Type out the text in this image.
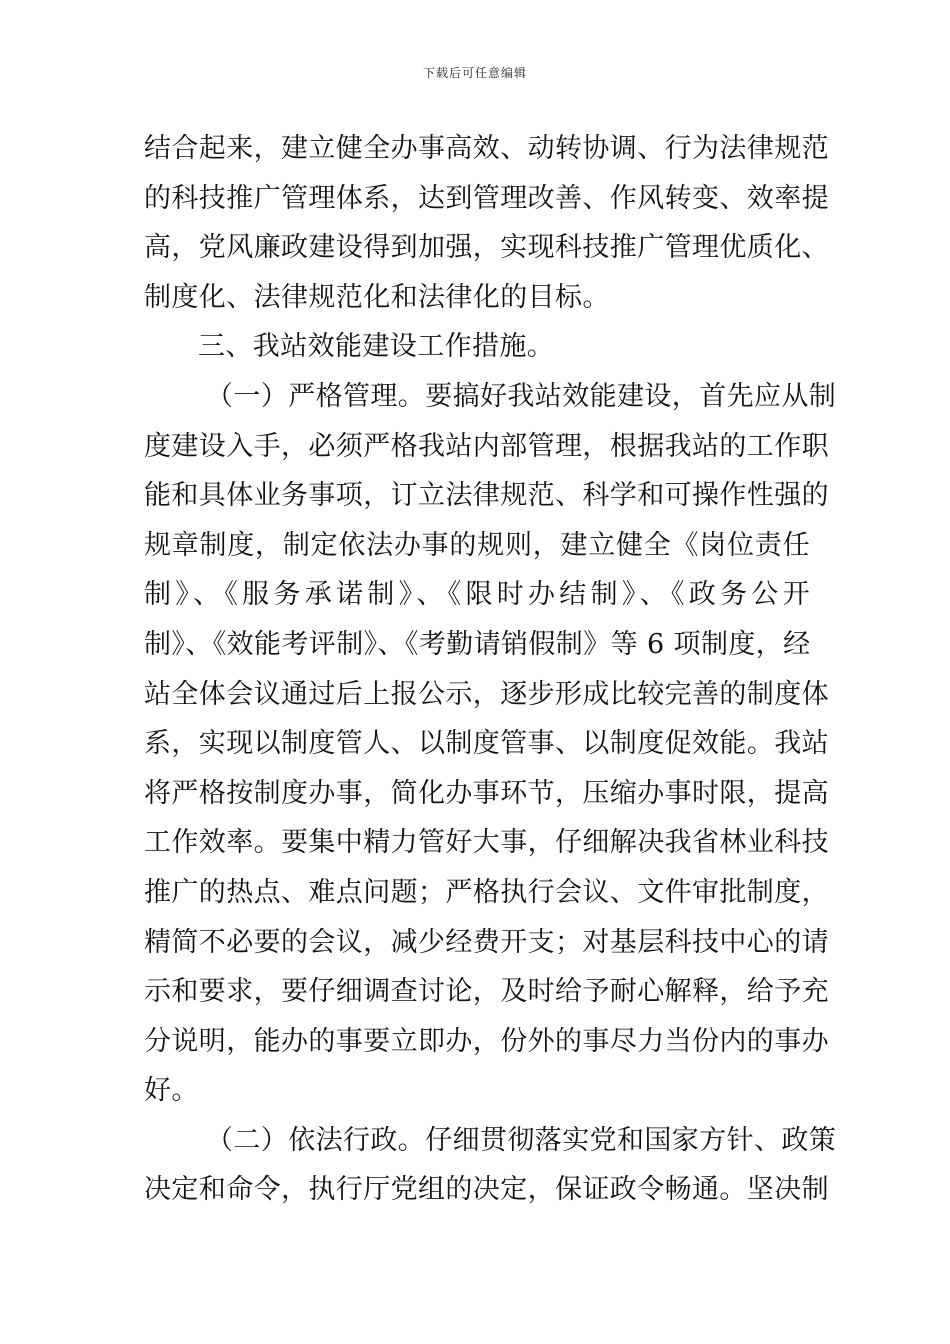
下载后可任意编辑
结合起来，建立健全办事高效、动转协调、行为法律规范
的科技推广管理体系，达到管理改善、作风转变、效率提
高，党风廉政建设得到加强，实现科技推广管理优质化、
制度化、法律规范化和法律化的目标。
三、我站效能建设工作措施。
（一）严格管理。要搞好我站效能建设，首先应从制
度建设入手，必须严格我站内部管理，根据我站的工作职
能和具体业务事项，订立法律规范、科学和可操作性强的
规章制度，制定依法办事的规则，建立健全《岗位责任
制》、《服务承诺制》、《限时办结制》、《政务公开
制》、《效能考评制》、《考勤请销假制》等 6 项制度，经
站全体会议通过后上报公示，逐步形成比较完善的制度体
系，实现以制度管人、以制度管事、以制度促效能。我站
将严格按制度办事，简化办事环节，压缩办事时限，提高
工作效率。要集中精力管好大事，仔细解决我省林业科技
推广的热点、难点问题；严格执行会议、文件审批制度，
精简不必要的会议，减少经费开支；对基层科技中心的请
示和要求，要仔细调查讨论，及时给予耐心解释，给予充
分说明，能办的事要立即办，份外的事尽力当份内的事办
好。
（二）依法行政。仔细贯彻落实党和国家方针、政策
决定和命令，执行厅党组的决定，保证政令畅通。坚决制
